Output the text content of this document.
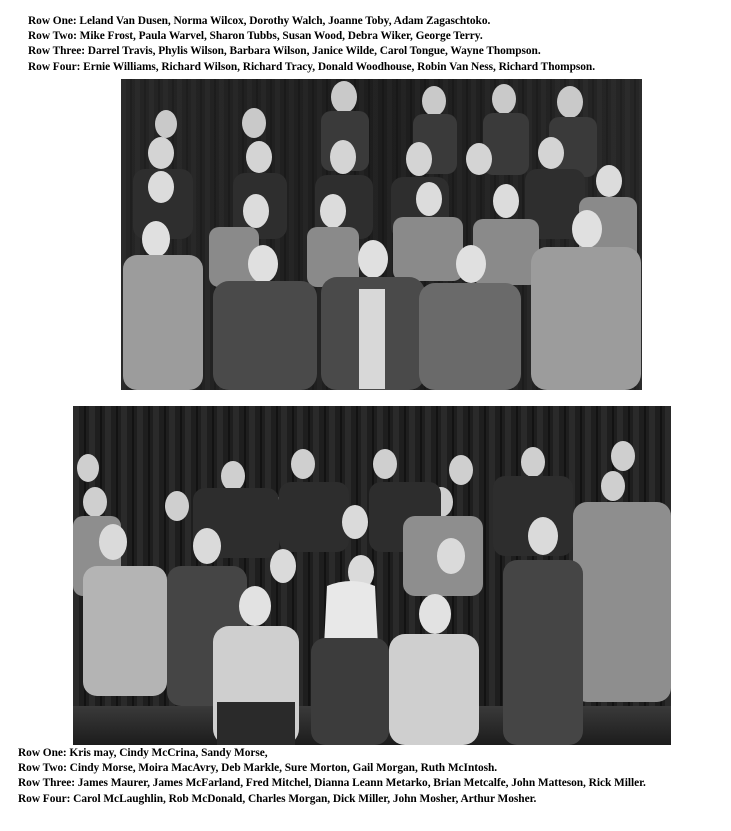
Row One: Leland Van Dusen, Norma Wilcox, Dorothy Walch, Joanne Toby, Adam Zagaschtoko.

Row Two: Mike Frost, Paula Warvel, Sharon Tubbs, Susan Wood, Debra Wiker, George Terry.

Row Three: Darrel Travis, Phylis Wilson, Barbara Wilson, Janice Wilde, Carol Tongue, Wayne Thompson.

Row Four: Ernie Williams, Richard Wilson, Richard Tracy, Donald Woodhouse, Robin Van Ness, Richard Thompson.

Row One: Kris may, Cindy McCrina, Sandy Morse,

Row Two: Cindy Morse, Moira MacAvry, Deb Markle, Sure Morton, Gail Morgan, Ruth McIntosh.

Row Three: James Maurer, James McFarland, Fred Mitchel, Dianna Leann Metarko, Brian Metcalfe, John Matteson, Rick Miller.

Row Four: Carol McLaughlin, Rob McDonald, Charles Morgan, Dick Miller, John Mosher, Arthur Mosher.
